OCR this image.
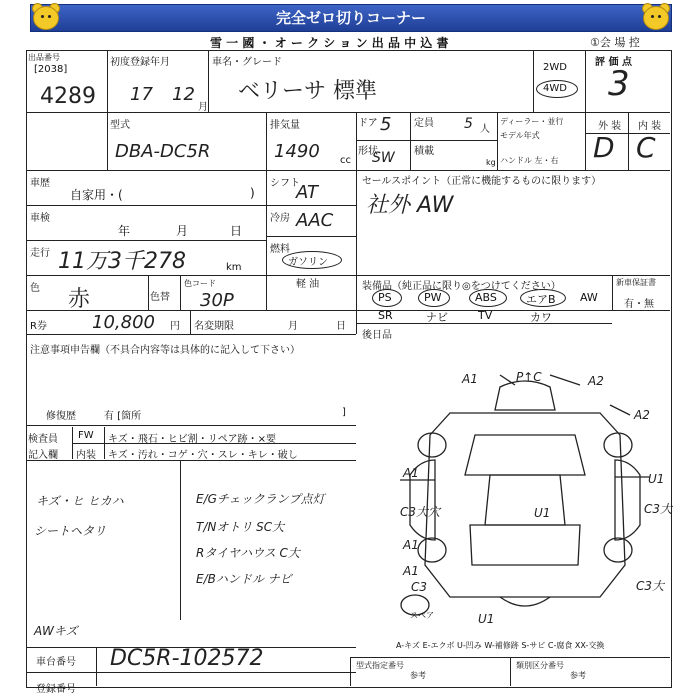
完全ゼロ切りコーナー
雪 一 國 ・ オ ー ク シ ョ ン 出 品 中 込 書	①会 場 控
出品番号
[2038]
4289
初度登録年月
17 12
月
車名・グレード
ベリーサ 標準
2WD
4WD
評 価 点
3
型式
DBA-DC5R
排気量
1490 cc
ドア 5
形状
SW
定員 5 人
積載
kg
ディーラー・並行
モデル年式
ハンドル 左・右
外 装 内 装
D C
車歴
自家用・(	)
シフト
AT
車検
年	月	日
冷房 AAC
走行 11万3千278	km
燃料
ガソリン
軽 油
色 赤	色替
色コード
30P
R券	10,800 円 名変期限	月	日
セールスポイント（正常に機能するものに限ります）
社外 AW
装備品（純正品に限り◎をつけてください）	新車保証書
有・無
PS	PW	ABS	エアB AW
SR	ナビ	TV	カワ
後日品
注意事項申告欄（不具合内容等は具体的に記入して下さい）
修復歴	有 [箇所	]
検査員
記入欄
FW キズ・飛石・ヒビ割・リペア跡・×要
内装 キズ・汚れ・コゲ・穴・スレ・キレ・破し
キズ・ヒ ヒカハ
シートヘタリ
AWキズ
E/Gチェックランプ点灯
T/Nオトリ SC大
Rタイヤハウス C大
E/Bハンドル ナビ
A1	P↑C	A2
A2
A1	U1
U1
C3大穴	C3大
A1
A1
C3大
C3
U1
スペア
A-キズ E-エクボ U-凹み W-補修跡 S-サビ C-腐食 XX-交換
車台番号 DC5R-102572
登録番号
型式指定番号	類別区分番号
参考	参考
